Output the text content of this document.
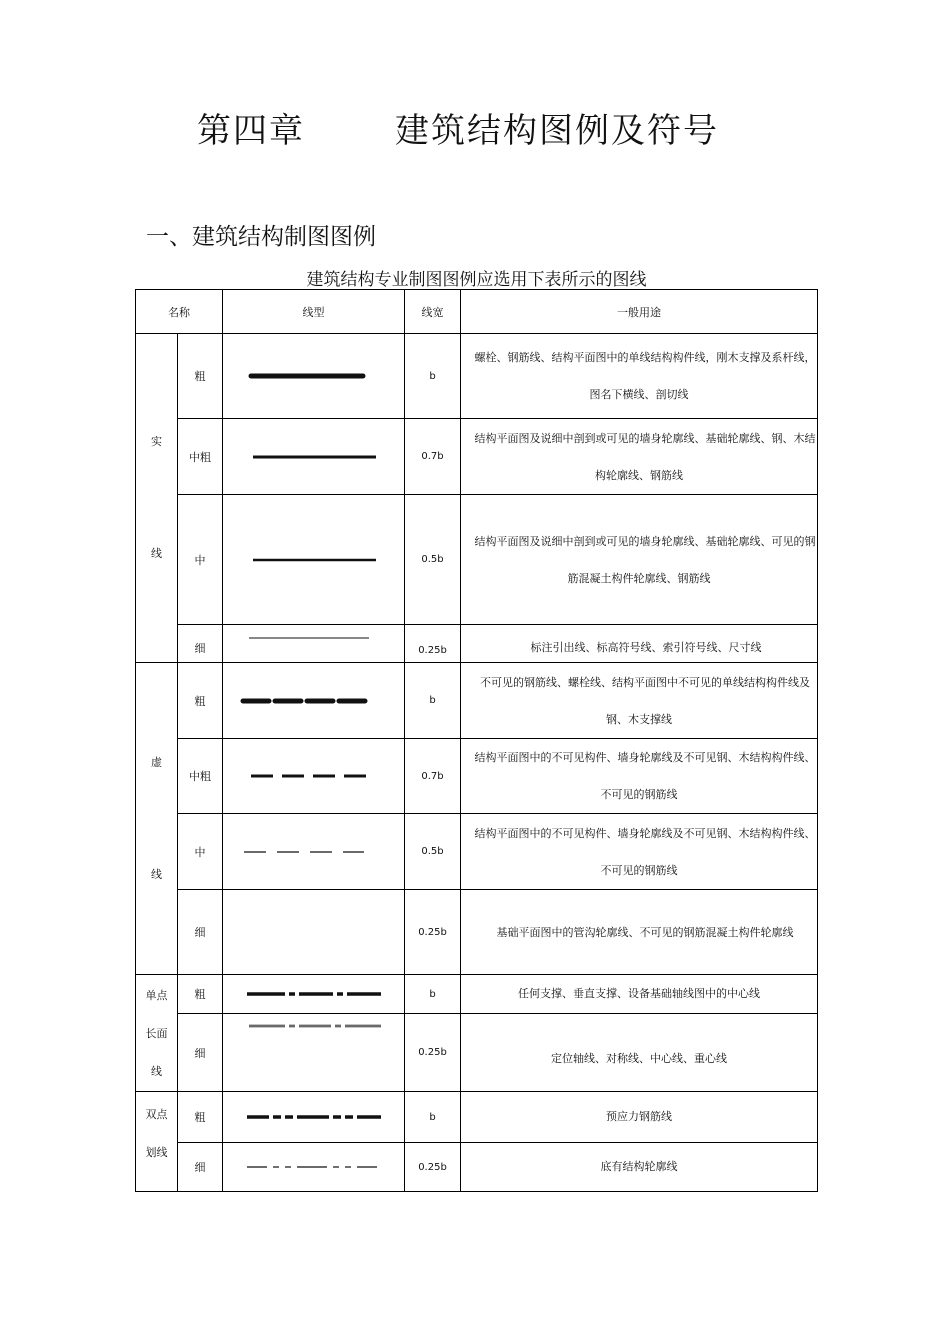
第四章	建筑结构图例及符号
一、建筑结构制图图例
建筑结构专业制图图例应选用下表所示的图线
名称		线型	线宽	一般用途
实
线	粗		b	螺栓、钢筋线、结构平面图中的单线结构构件线，刚木支撑及系杆线，图名下横线、剖切线
	中粗		0.7b	结构平面图及说细中剖到或可见的墙身轮廓线、基础轮廓线、钢、木结构轮廓线、钢筋线
	中		0.5b	结构平面图及说细中剖到或可见的墙身轮廓线、基础轮廓线、可见的钢筋混凝土构件轮廓线、钢筋线
	细		0.25b	标注引出线、标高符号线、索引符号线、尺寸线
虚
线	粗		b	不可见的钢筋线、螺栓线、结构平面图中不可见的单线结构构件线及钢、木支撑线
	中粗		0.7b	结构平面图中的不可见构件、墙身轮廓线及不可见钢、木结构构件线、不可见的钢筋线
	中		0.5b	结构平面图中的不可见构件、墙身轮廓线及不可见钢、木结构构件线、不可见的钢筋线
	细		0.25b	基础平面图中的管沟轮廓线、不可见的钢筋混凝土构件轮廓线
单点
长面
线	粗		b	任何支撑、垂直支撑、设备基础轴线图中的中心线
	细		0.25b	定位轴线、对称线、中心线、重心线
双点
划线	粗		b	预应力钢筋线
	细		0.25b	底有结构轮廓线
